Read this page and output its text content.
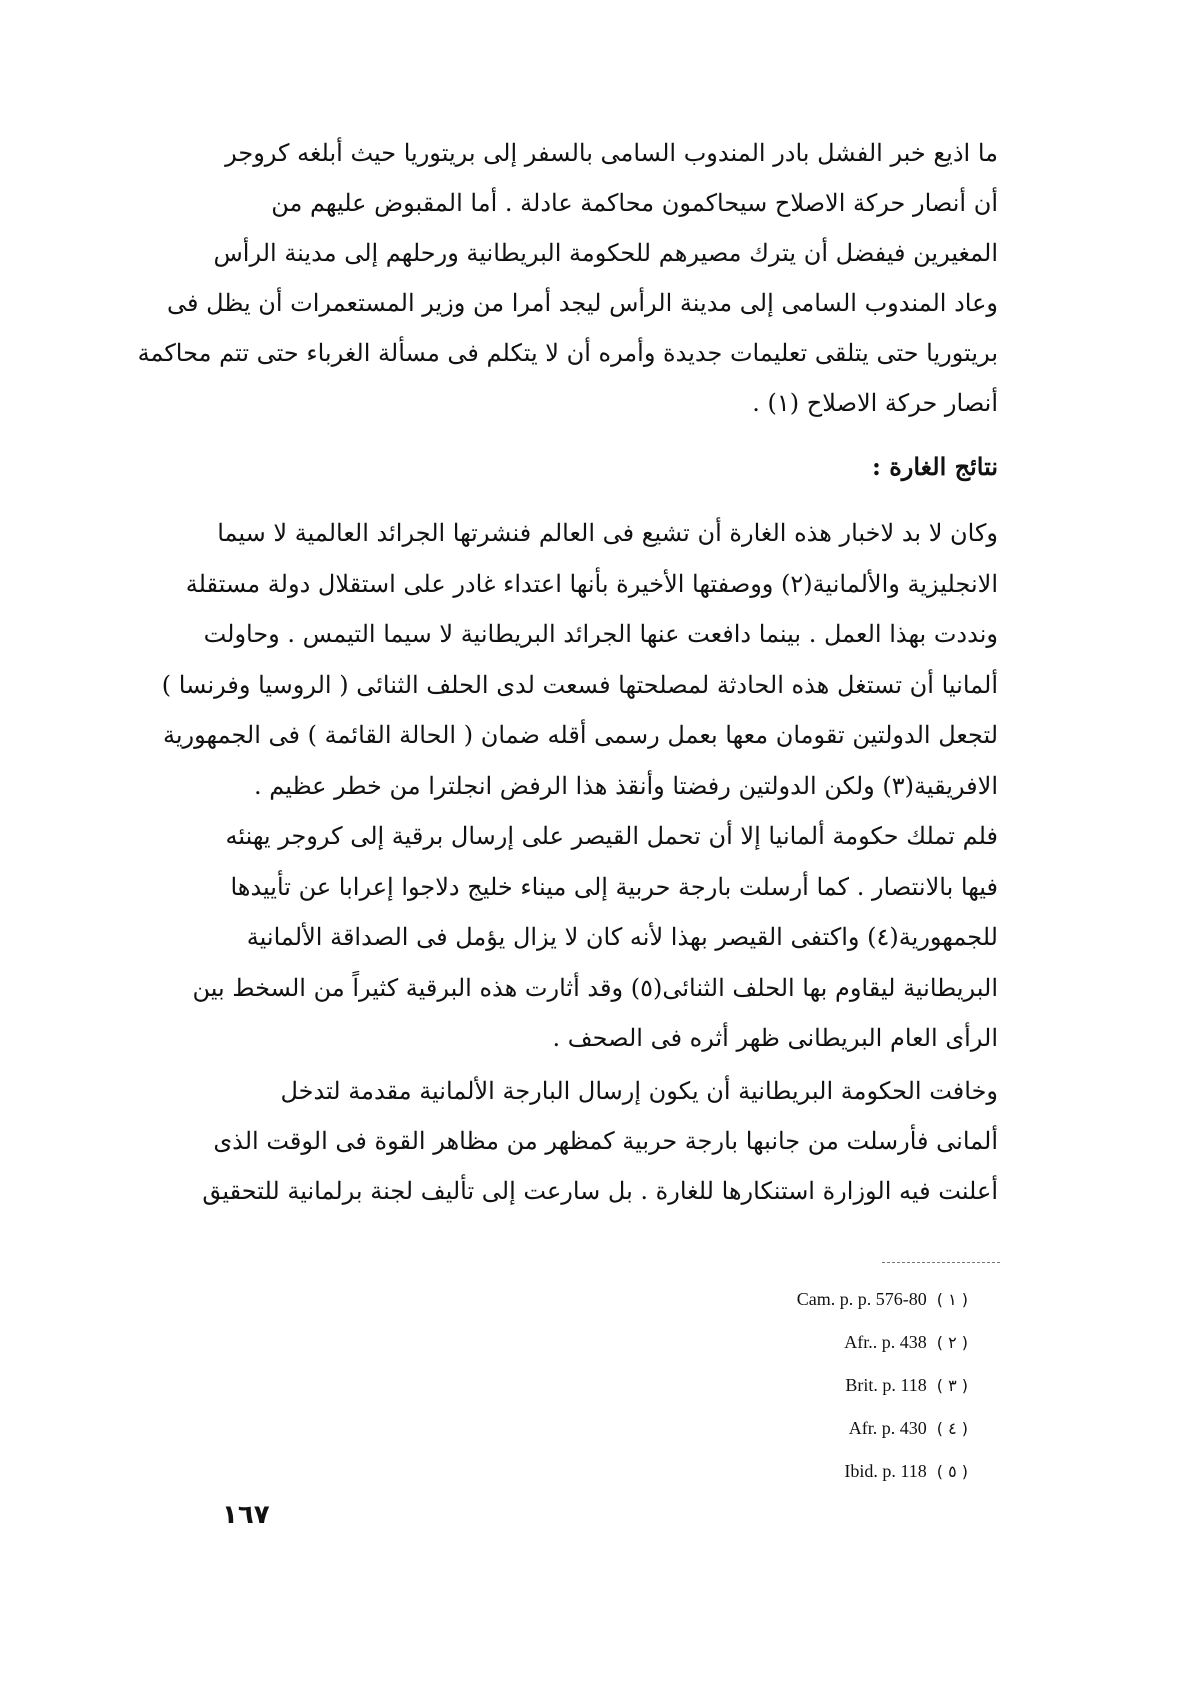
ما اذيع خبر الفشل بادر المندوب السامى بالسفر إلى بريتوريا حيث أبلغه كروجر
أن أنصار حركة الاصلاح سيحاكمون محاكمة عادلة . أما المقبوض عليهم من
المغيرين فيفضل أن يترك مصيرهم للحكومة البريطانية ورحلهم إلى مدينة الرأس
وعاد المندوب السامى إلى مدينة الرأس ليجد أمرا من وزير المستعمرات أن يظل فى
بريتوريا حتى يتلقى تعليمات جديدة وأمره أن لا يتكلم فى مسألة الغرباء حتى تتم محاكمة
أنصار حركة الاصلاح (١) .
نتائج الغارة :
وكان لا بد لاخبار هذه الغارة أن تشيع فى العالم فنشرتها الجرائد العالمية لا سيما
الانجليزية والألمانية(٢) ووصفتها الأخيرة بأنها اعتداء غادر على استقلال دولة مستقلة
ونددت بهذا العمل . بينما دافعت عنها الجرائد البريطانية لا سيما التيمس . وحاولت
ألمانيا أن تستغل هذه الحادثة لمصلحتها فسعت لدى الحلف الثنائى ( الروسيا وفرنسا )
لتجعل الدولتين تقومان معها بعمل رسمى أقله ضمان ( الحالة القائمة ) فى الجمهورية
الافريقية(٣) ولكن الدولتين رفضتا وأنقذ هذا الرفض انجلترا من خطر عظيم .
فلم تملك حكومة ألمانيا إلا أن تحمل القيصر على إرسال برقية إلى كروجر يهنئه
فيها بالانتصار . كما أرسلت بارجة حربية إلى ميناء خليج دلاجوا إعرابا عن تأييدها
للجمهورية(٤) واكتفى القيصر بهذا لأنه كان لا يزال يؤمل فى الصداقة الألمانية
البريطانية ليقاوم بها الحلف الثنائى(٥) وقد أثارت هذه البرقية كثيراً من السخط بين
الرأى العام البريطانى ظهر أثره فى الصحف .
وخافت الحكومة البريطانية أن يكون إرسال البارجة الألمانية مقدمة لتدخل
ألمانى فأرسلت من جانبها بارجة حربية كمظهر من مظاهر القوة فى الوقت الذى
أعلنت فيه الوزارة استنكارها للغارة . بل سارعت إلى تأليف لجنة برلمانية للتحقيق
Cam. p. p. 576-80 ( ١ )
Afr.. p. 438 ( ٢ )
Brit. p. 118 ( ٣ )
Afr. p. 430 ( ٤ )
Ibid. p. 118 ( ٥ )
١٦٧
